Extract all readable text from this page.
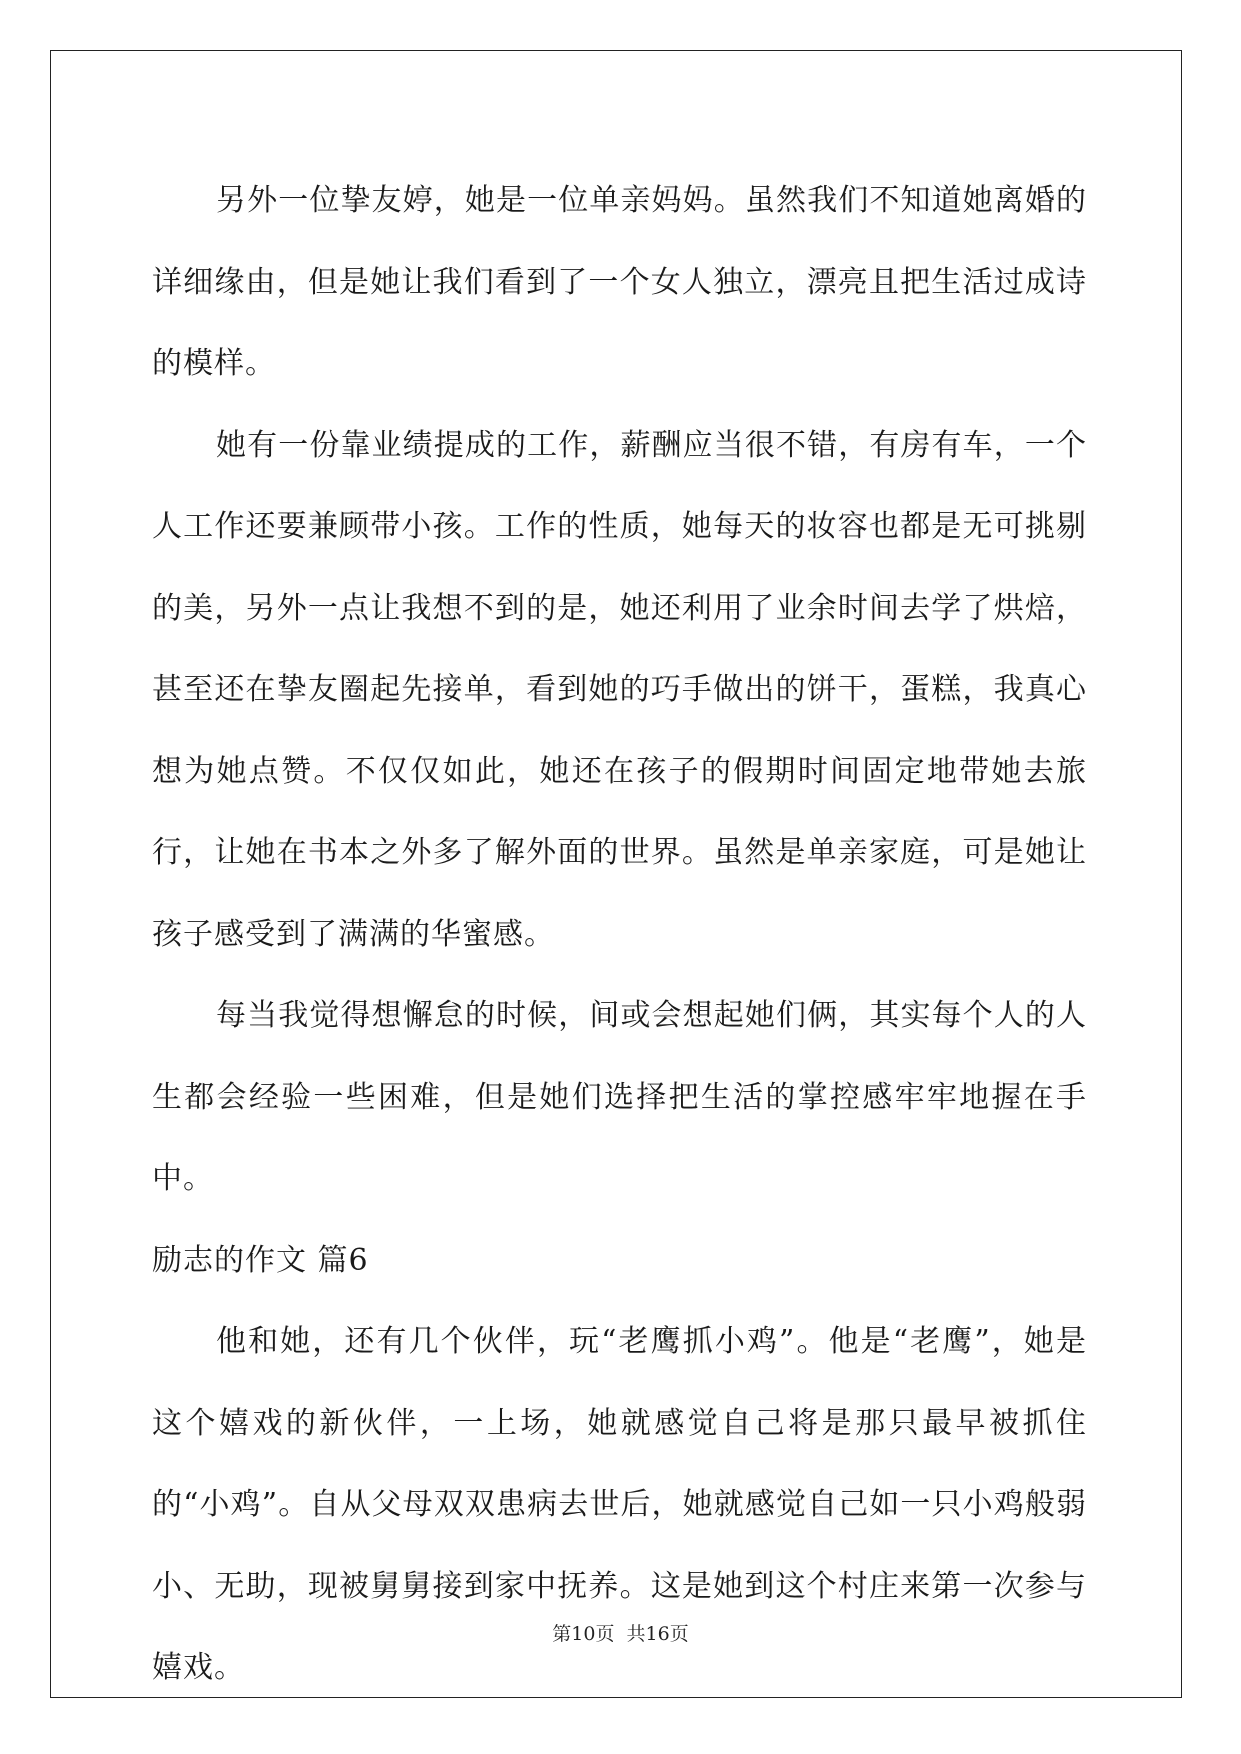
另外一位挚友婷，她是一位单亲妈妈。虽然我们不知道她离婚的详细缘由，但是她让我们看到了一个女人独立，漂亮且把生活过成诗的模样。

她有一份靠业绩提成的工作，薪酬应当很不错，有房有车，一个人工作还要兼顾带小孩。工作的性质，她每天的妆容也都是无可挑剔的美，另外一点让我想不到的是，她还利用了业余时间去学了烘焙，甚至还在挚友圈起先接单，看到她的巧手做出的饼干，蛋糕，我真心想为她点赞。不仅仅如此，她还在孩子的假期时间固定地带她去旅行，让她在书本之外多了解外面的世界。虽然是单亲家庭，可是她让孩子感受到了满满的华蜜感。

每当我觉得想懈怠的时候，间或会想起她们俩，其实每个人的人生都会经验一些困难，但是她们选择把生活的掌控感牢牢地握在手中。

励志的作文 篇6

他和她，还有几个伙伴，玩“老鹰抓小鸡”。他是“老鹰”，她是这个嬉戏的新伙伴，一上场，她就感觉自己将是那只最早被抓住的“小鸡”。自从父母双双患病去世后，她就感觉自己如一只小鸡般弱小、无助，现被舅舅接到家中抚养。这是她到这个村庄来第一次参与嬉戏。

第10页  共16页
